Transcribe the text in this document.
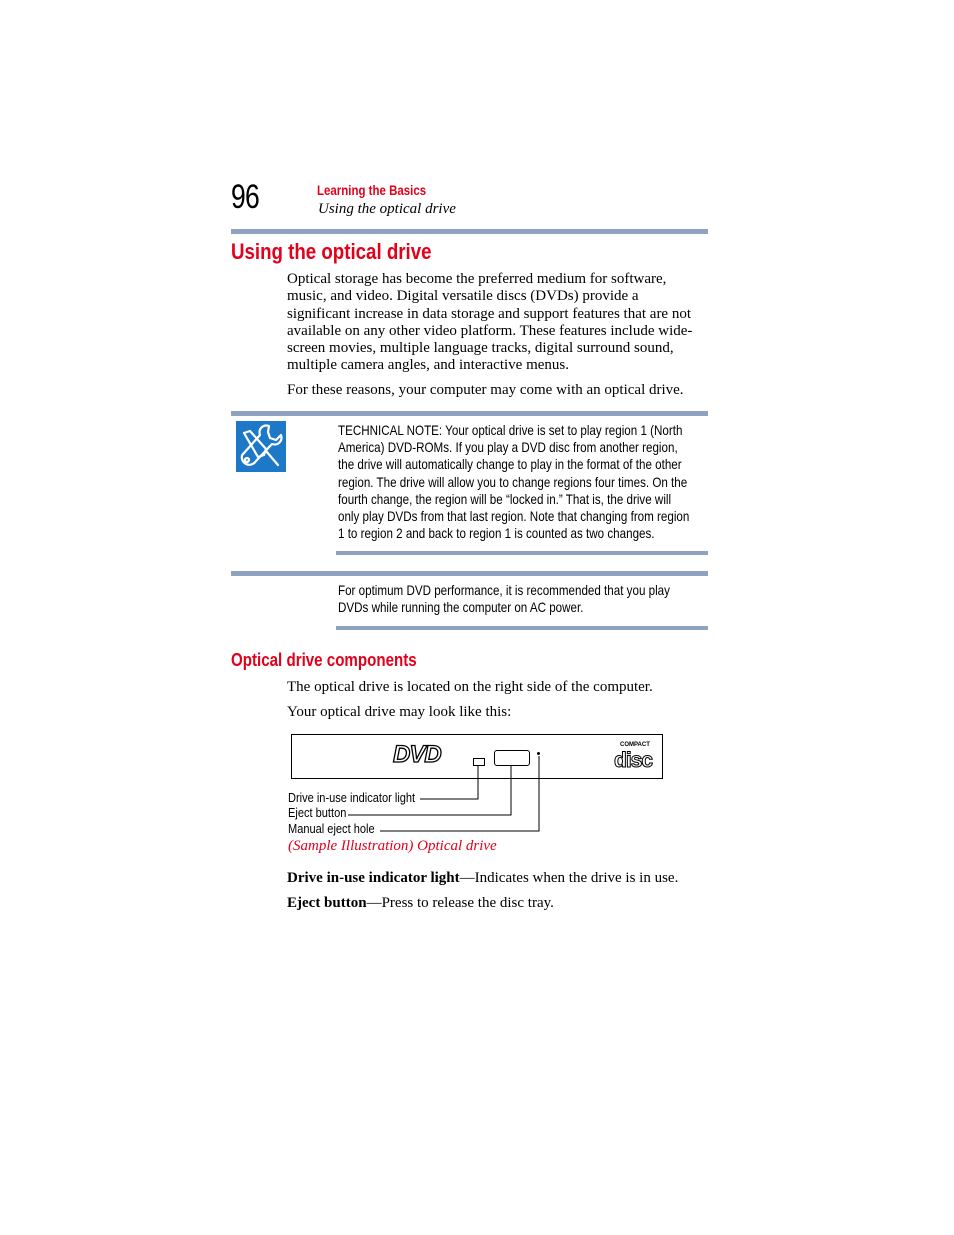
96	Learning the Basics
Using the optical drive
Using the optical drive
Optical storage has become the preferred medium for software,
music, and video. Digital versatile discs (DVDs) provide a
significant increase in data storage and support features that are not
available on any other video platform. These features include wide-
screen movies, multiple language tracks, digital surround sound,
multiple camera angles, and interactive menus.
For these reasons, your computer may come with an optical drive.
TECHNICAL NOTE: Your optical drive is set to play region 1 (North
America) DVD-ROMs. If you play a DVD disc from another region,
the drive will automatically change to play in the format of the other
region. The drive will allow you to change regions four times. On the
fourth change, the region will be “locked in.” That is, the drive will
only play DVDs from that last region. Note that changing from region
1 to region 2 and back to region 1 is counted as two changes.
For optimum DVD performance, it is recommended that you play
DVDs while running the computer on AC power.
Optical drive components
The optical drive is located on the right side of the computer.
Your optical drive may look like this:
DVD	COMPACT
disc
Drive in-use indicator light
Eject button
Manual eject hole
(Sample Illustration) Optical drive
Drive in-use indicator light—Indicates when the drive is in use.
Eject button—Press to release the disc tray.
